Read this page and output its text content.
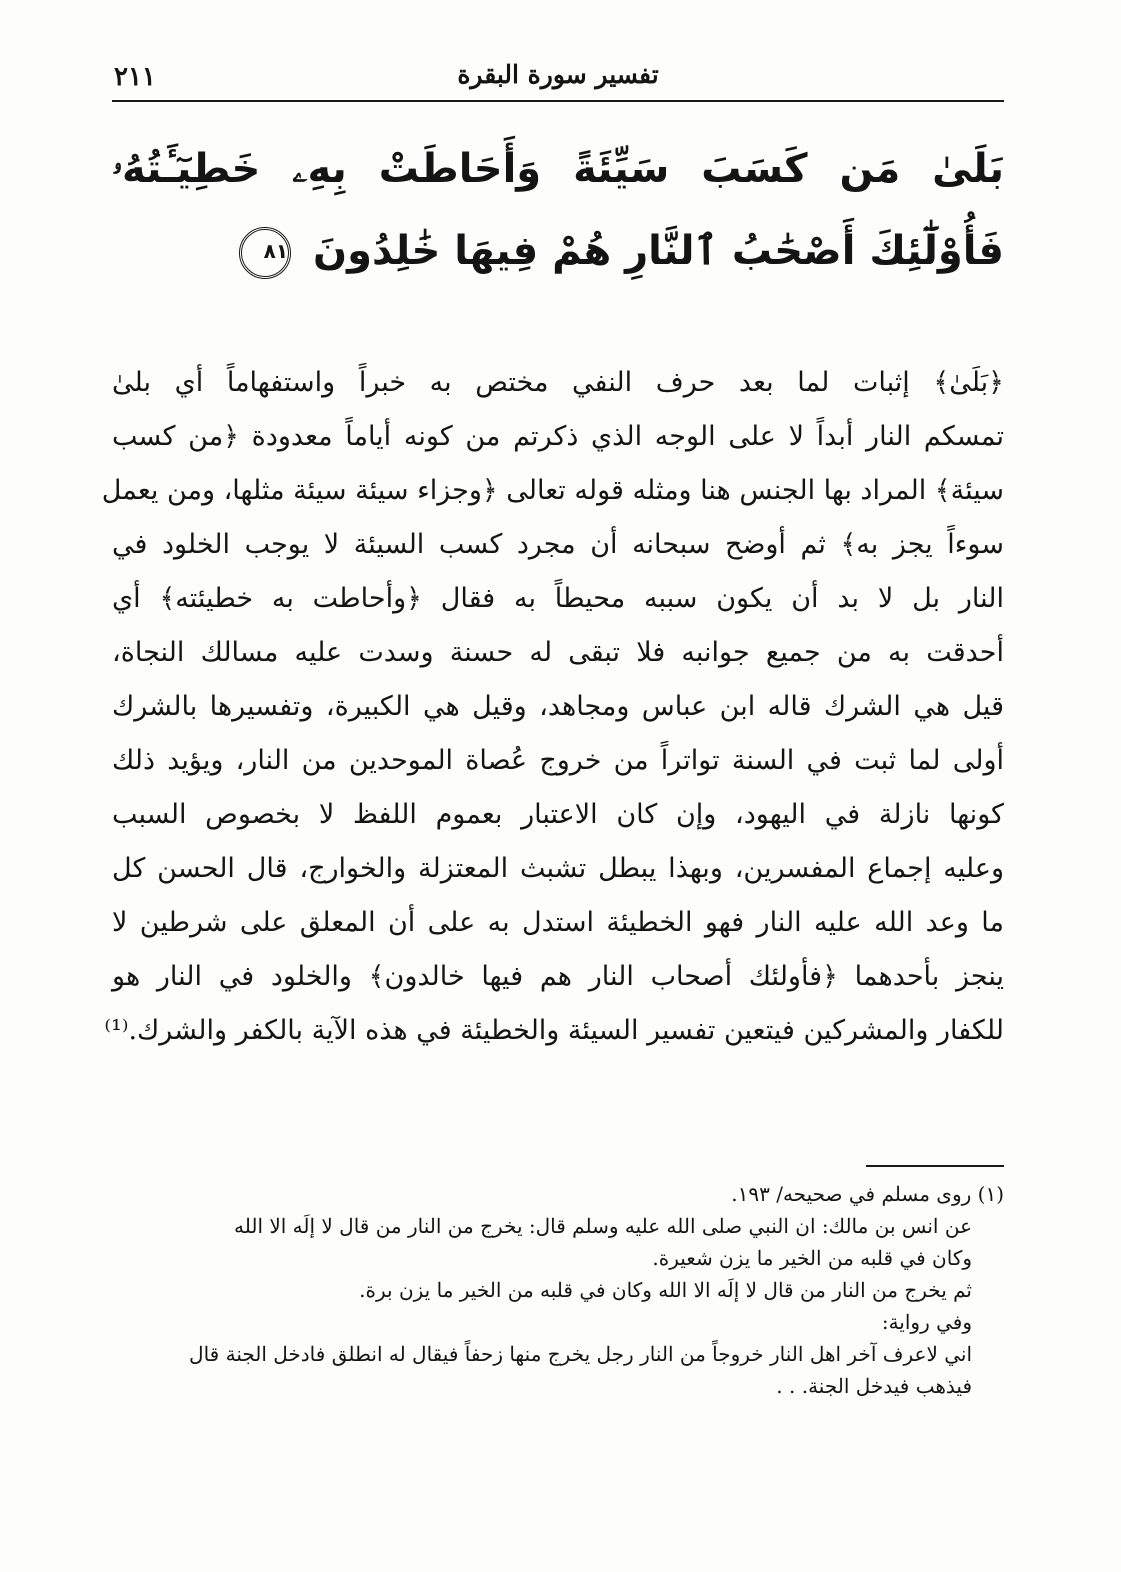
٢١١	تفسير سورة البقرة
بَلَىٰ مَن كَسَبَ سَيِّئَةً وَأَحَاطَتْ بِهِۦ خَطِيٓـَٔتُهُۥ فَأُوْلَٰٓئِكَ أَصْحَٰبُ ٱلنَّارِ هُمْ فِيهَا خَٰلِدُونَ ٨١
﴿بَلَىٰ﴾ إثبات لما بعد حرف النفي مختص به خبراً واستفهاماً أي بلىٰ
تمسكم النار أبداً لا على الوجه الذي ذكرتم من كونه أياماً معدودة ﴿من كسب
سيئة﴾ المراد بها الجنس هنا ومثله قوله تعالى ﴿وجزاء سيئة سيئة مثلها، ومن يعمل
سوءاً يجز به﴾ ثم أوضح سبحانه أن مجرد كسب السيئة لا يوجب الخلود في
النار بل لا بد أن يكون سببه محيطاً به فقال ﴿وأحاطت به خطيئته﴾ أي
أحدقت به من جميع جوانبه فلا تبقى له حسنة وسدت عليه مسالك النجاة،
قيل هي الشرك قاله ابن عباس ومجاهد، وقيل هي الكبيرة، وتفسيرها بالشرك
أولى لما ثبت في السنة تواتراً من خروج عُصاة الموحدين من النار، ويؤيد ذلك
كونها نازلة في اليهود، وإن كان الاعتبار بعموم اللفظ لا بخصوص السبب
وعليه إجماع المفسرين، وبهذا يبطل تشبث المعتزلة والخوارج، قال الحسن كل
ما وعد الله عليه النار فهو الخطيئة استدل به على أن المعلق على شرطين لا
ينجز بأحدهما ﴿فأولئك أصحاب النار هم فيها خالدون﴾ والخلود في النار هو
للكفار والمشركين فيتعين تفسير السيئة والخطيئة في هذه الآية بالكفر والشرك.⁽¹⁾
(١) روى مسلم في صحيحه/ ١٩٣.
عن انس بن مالك: ان النبي صلى الله عليه وسلم قال: يخرج من النار من قال لا إلَه الا الله
وكان في قلبه من الخير ما يزن شعيرة.
ثم يخرج من النار من قال لا إلَه الا الله وكان في قلبه من الخير ما يزن برة.
وفي رواية:
اني لاعرف آخر اهل النار خروجاً من النار رجل يخرج منها زحفاً فيقال له انطلق فادخل الجنة قال
فيذهب فيدخل الجنة. . .
